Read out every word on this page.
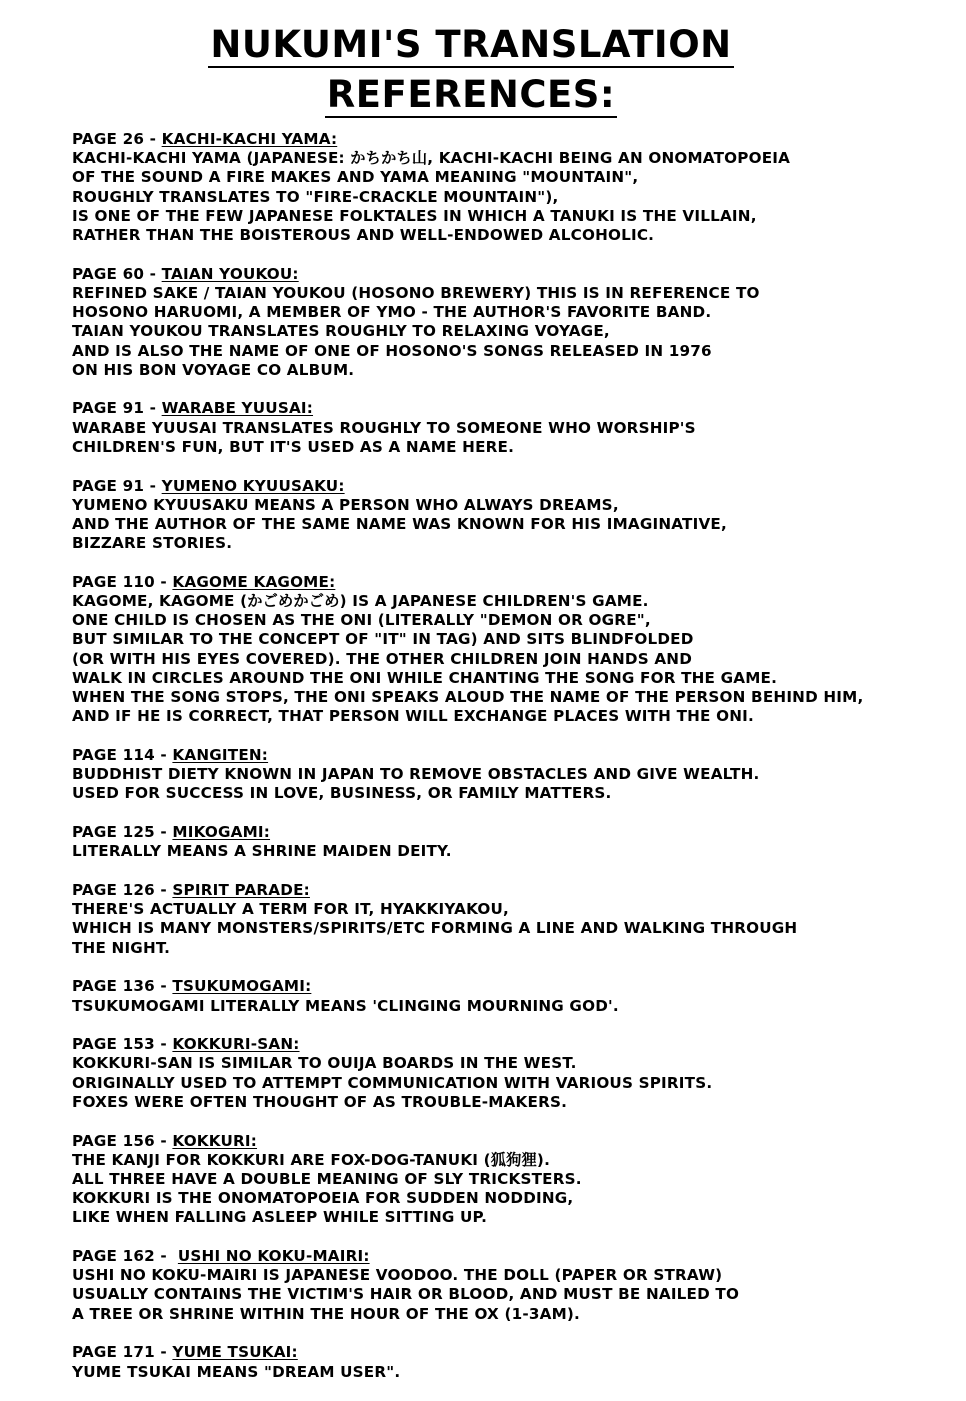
NUKUMI'S TRANSLATION
REFERENCES:
PAGE 26 - KACHI-KACHI YAMA:
KACHI-KACHI YAMA (JAPANESE: かちかち山, KACHI-KACHI BEING AN ONOMATOPOEIA
OF THE SOUND A FIRE MAKES AND YAMA MEANING "MOUNTAIN",
ROUGHLY TRANSLATES TO "FIRE-CRACKLE MOUNTAIN"),
IS ONE OF THE FEW JAPANESE FOLKTALES IN WHICH A TANUKI IS THE VILLAIN,
RATHER THAN THE BOISTEROUS AND WELL-ENDOWED ALCOHOLIC.
PAGE 60 - TAIAN YOUKOU:
REFINED SAKE / TAIAN YOUKOU (HOSONO BREWERY) THIS IS IN REFERENCE TO
HOSONO HARUOMI, A MEMBER OF YMO - THE AUTHOR'S FAVORITE BAND.
TAIAN YOUKOU TRANSLATES ROUGHLY TO RELAXING VOYAGE,
AND IS ALSO THE NAME OF ONE OF HOSONO'S SONGS RELEASED IN 1976
ON HIS BON VOYAGE CO ALBUM.
PAGE 91 - WARABE YUUSAI:
WARABE YUUSAI TRANSLATES ROUGHLY TO SOMEONE WHO WORSHIP'S
CHILDREN'S FUN, BUT IT'S USED AS A NAME HERE.
PAGE 91 - YUMENO KYUUSAKU:
YUMENO KYUUSAKU MEANS A PERSON WHO ALWAYS DREAMS,
AND THE AUTHOR OF THE SAME NAME WAS KNOWN FOR HIS IMAGINATIVE,
BIZZARE STORIES.
PAGE 110 - KAGOME KAGOME:
KAGOME, KAGOME (かごめかごめ) IS A JAPANESE CHILDREN'S GAME.
ONE CHILD IS CHOSEN AS THE ONI (LITERALLY "DEMON OR OGRE",
BUT SIMILAR TO THE CONCEPT OF "IT" IN TAG) AND SITS BLINDFOLDED
(OR WITH HIS EYES COVERED). THE OTHER CHILDREN JOIN HANDS AND
WALK IN CIRCLES AROUND THE ONI WHILE CHANTING THE SONG FOR THE GAME.
WHEN THE SONG STOPS, THE ONI SPEAKS ALOUD THE NAME OF THE PERSON BEHIND HIM,
AND IF HE IS CORRECT, THAT PERSON WILL EXCHANGE PLACES WITH THE ONI.
PAGE 114 - KANGITEN:
BUDDHIST DIETY KNOWN IN JAPAN TO REMOVE OBSTACLES AND GIVE WEALTH.
USED FOR SUCCESS IN LOVE, BUSINESS, OR FAMILY MATTERS.
PAGE 125 - MIKOGAMI:
LITERALLY MEANS A SHRINE MAIDEN DEITY.
PAGE 126 - SPIRIT PARADE:
THERE'S ACTUALLY A TERM FOR IT, HYAKKIYAKOU,
WHICH IS MANY MONSTERS/SPIRITS/ETC FORMING A LINE AND WALKING THROUGH
THE NIGHT.
PAGE 136 - TSUKUMOGAMI:
TSUKUMOGAMI LITERALLY MEANS 'CLINGING MOURNING GOD'.
PAGE 153 - KOKKURI-SAN:
KOKKURI-SAN IS SIMILAR TO OUIJA BOARDS IN THE WEST.
ORIGINALLY USED TO ATTEMPT COMMUNICATION WITH VARIOUS SPIRITS.
FOXES WERE OFTEN THOUGHT OF AS TROUBLE-MAKERS.
PAGE 156 - KOKKURI:
THE KANJI FOR KOKKURI ARE FOX-DOG-TANUKI (狐狗狸).
ALL THREE HAVE A DOUBLE MEANING OF SLY TRICKSTERS.
KOKKURI IS THE ONOMATOPOEIA FOR SUDDEN NODDING,
LIKE WHEN FALLING ASLEEP WHILE SITTING UP.
PAGE 162 -  USHI NO KOKU-MAIRI:
USHI NO KOKU-MAIRI IS JAPANESE VOODOO. THE DOLL (PAPER OR STRAW)
USUALLY CONTAINS THE VICTIM'S HAIR OR BLOOD, AND MUST BE NAILED TO
A TREE OR SHRINE WITHIN THE HOUR OF THE OX (1-3AM).
PAGE 171 - YUME TSUKAI:
YUME TSUKAI MEANS "DREAM USER".
